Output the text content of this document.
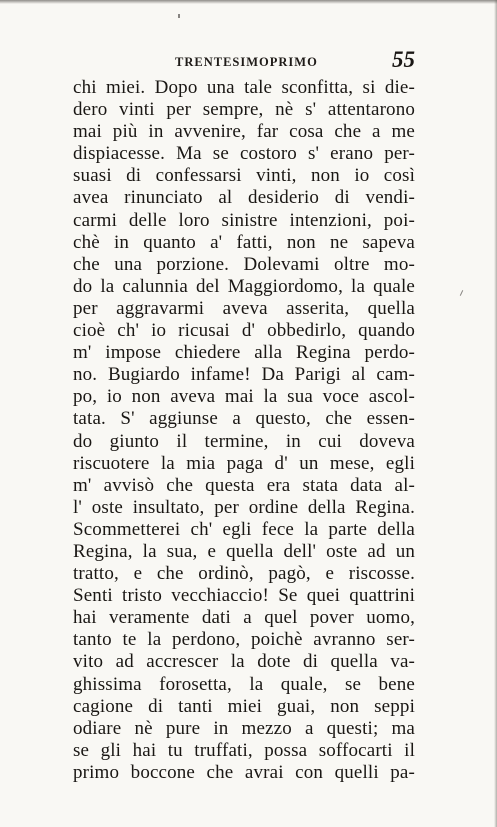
TRENTESIMOPRIMO	55
chi miei. Dopo una tale sconfitta, si die-
dero vinti per sempre, nè s' attentarono
mai più in avvenire, far cosa che a me
dispiacesse. Ma se costoro s' erano per-
suasi di confessarsi vinti, non io così
avea rinunciato al desiderio di vendi-
carmi delle loro sinistre intenzioni, poi-
chè in quanto a' fatti, non ne sapeva
che una porzione. Dolevami oltre mo-
do la calunnia del Maggiordomo, la quale
per aggravarmi aveva asserita, quella
cioè ch' io ricusai d' obbedirlo, quando
m' impose chiedere alla Regina perdo-
no. Bugiardo infame! Da Parigi al cam-
po, io non aveva mai la sua voce ascol-
tata. S' aggiunse a questo, che essen-
do giunto il termine, in cui doveva
riscuotere la mia paga d' un mese, egli
m' avvisò che questa era stata data al-
l' oste insultato, per ordine della Regina.
Scommetterei ch' egli fece la parte della
Regina, la sua, e quella dell' oste ad un
tratto, e che ordinò, pagò, e riscosse.
Senti tristo vecchiaccio! Se quei quattrini
hai veramente dati a quel pover uomo,
tanto te la perdono, poichè avranno ser-
vito ad accrescer la dote di quella va-
ghissima forosetta, la quale, se bene
cagione di tanti miei guai, non seppi
odiare nè pure in mezzo a questi; ma
se gli hai tu truffati, possa soffocarti il
primo boccone che avrai con quelli pa-
